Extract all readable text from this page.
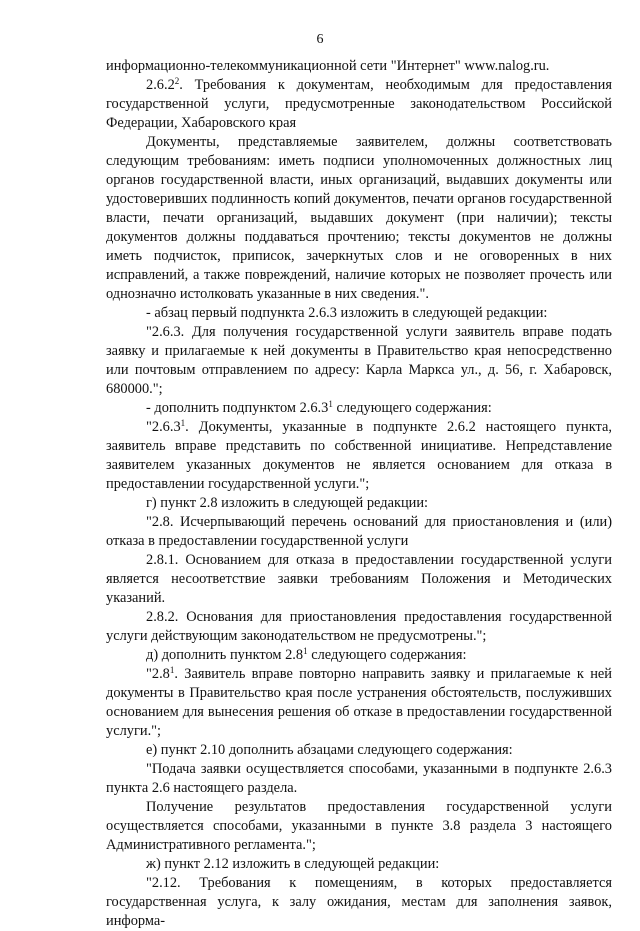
6

информационно-телекоммуникационной сети "Интернет" www.nalog.ru.

2.6.2$^2$. Требования к документам, необходимым для предоставления государственной услуги, предусмотренные законодательством Российской Федерации, Хабаровского края

Документы, представляемые заявителем, должны соответствовать следующим требованиям: иметь подписи уполномоченных должностных лиц органов государственной власти, иных организаций, выдавших документы или удостоверивших подлинность копий документов, печати органов государственной власти, печати организаций, выдавших документ (при наличии); тексты документов должны поддаваться прочтению; тексты документов не должны иметь подчисток, приписок, зачеркнутых слов и не оговоренных в них исправлений, а также повреждений, наличие которых не позволяет прочесть или однозначно истолковать указанные в них сведения.".

- абзац первый подпункта 2.6.3 изложить в следующей редакции:

"2.6.3. Для получения государственной услуги заявитель вправе подать заявку и прилагаемые к ней документы в Правительство края непосредственно или почтовым отправлением по адресу: Карла Маркса ул., д. 56, г. Хабаровск, 680000.";

- дополнить подпунктом 2.6.3$^1$ следующего содержания:

"2.6.3$^1$. Документы, указанные в подпункте 2.6.2 настоящего пункта, заявитель вправе представить по собственной инициативе. Непредставление заявителем указанных документов не является основанием для отказа в предоставлении государственной услуги.";

г) пункт 2.8 изложить в следующей редакции:

"2.8. Исчерпывающий перечень оснований для приостановления и (или) отказа в предоставлении государственной услуги

2.8.1. Основанием для отказа в предоставлении государственной услуги является несоответствие заявки требованиям Положения и Методических указаний.

2.8.2. Основания для приостановления предоставления государственной услуги действующим законодательством не предусмотрены.";

д) дополнить пунктом $2.8^1$ следующего содержания:

"$2.8^1$. Заявитель вправе повторно направить заявку и прилагаемые к ней документы в Правительство края после устранения обстоятельств, послуживших основанием для вынесения решения об отказе в предоставлении государственной услуги.";

е) пункт 2.10 дополнить абзацами следующего содержания:

"Подача заявки осуществляется способами, указанными в подпункте 2.6.3 пункта 2.6 настоящего раздела.

Получение результатов предоставления государственной услуги осуществляется способами, указанными в пункте 3.8 раздела 3 настоящего Административного регламента.";

ж) пункт 2.12 изложить в следующей редакции:

"2.12. Требования к помещениям, в которых предоставляется государственная услуга, к залу ожидания, местам для заполнения заявок, информа-
